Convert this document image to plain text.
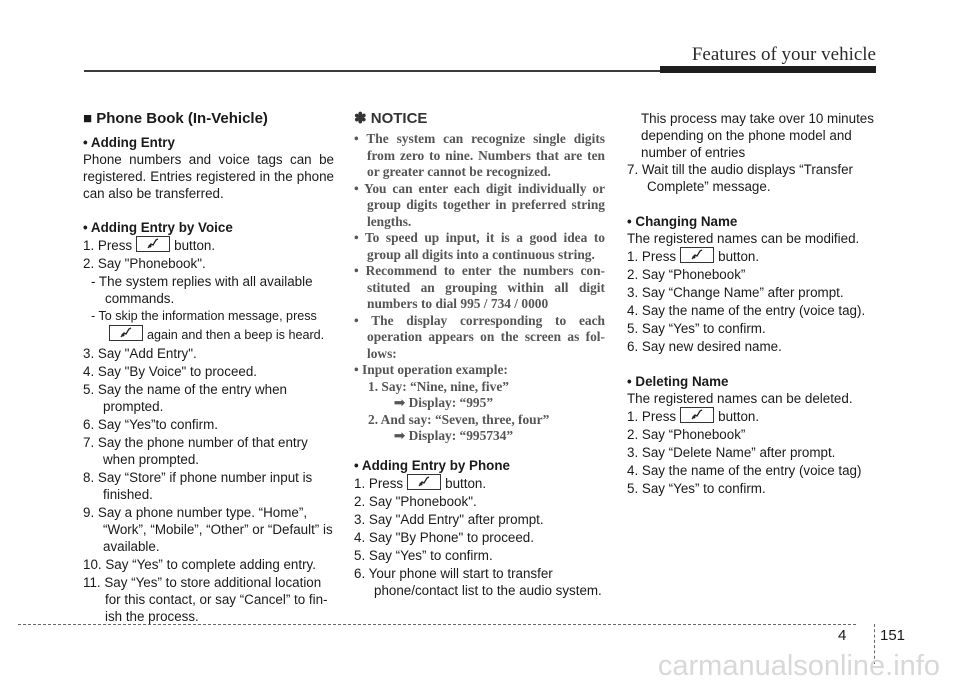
Features of your vehicle

■ Phone Book (In-Vehicle)

• Adding Entry

Phone numbers and voice tags can be registered. Entries registered in the phone can also be transferred.

• Adding Entry by Voice

1. Press	button.

2. Say "Phonebook".

- The system replies with all available commands.

- To skip the information message, press
again and then a beep is heard.

3. Say "Add Entry".

4. Say "By Voice" to proceed.

5. Say the name of the entry when prompted.

6. Say “Yes”to confirm.

7. Say the phone number of that entry when prompted.

8. Say “Store” if phone number input is finished.

9. Say a phone number type. “Home”, “Work”, “Mobile”, “Other” or “Default” is available.

10. Say “Yes” to complete adding entry.

11. Say “Yes” to store additional location for this contact, or say “Cancel” to fin- ish the process.

✽ NOTICE

• The system can recognize single digits from zero to nine. Numbers that are ten or greater cannot be recognized.

• You can enter each digit individually or group digits together in preferred string lengths.

• To speed up input, it is a good idea to group all digits into a continuous string.

• Recommend to enter the numbers con- stituted an grouping within all digit numbers to dial 995 / 734 / 0000

• The display corresponding to each operation appears on the screen as fol- lows:

• Input operation example:

1. Say: “Nine, nine, five”

➟ Display: “995”

2. And say: “Seven, three, four”

➟ Display: “995734”

• Adding Entry by Phone

1. Press	button.

2. Say "Phonebook".

3. Say "Add Entry" after prompt.

4. Say "By Phone" to proceed.

5. Say “Yes” to confirm.

6. Your phone will start to transfer phone/contact list to the audio system.

This process may take over 10 minutes depending on the phone model and number of entries

7. Wait till the audio displays “Transfer Complete” message.

• Changing Name

The registered names can be modified.

1. Press	button.

2. Say “Phonebook”

3. Say “Change Name” after prompt.

4. Say the name of the entry (voice tag).

5. Say “Yes” to confirm.

6. Say new desired name.

• Deleting Name

The registered names can be deleted.

1. Press	button.

2. Say “Phonebook”

3. Say “Delete Name” after prompt.

4. Say the name of the entry (voice tag)

5. Say “Yes” to confirm.

4 151
carmanualsonline.info
